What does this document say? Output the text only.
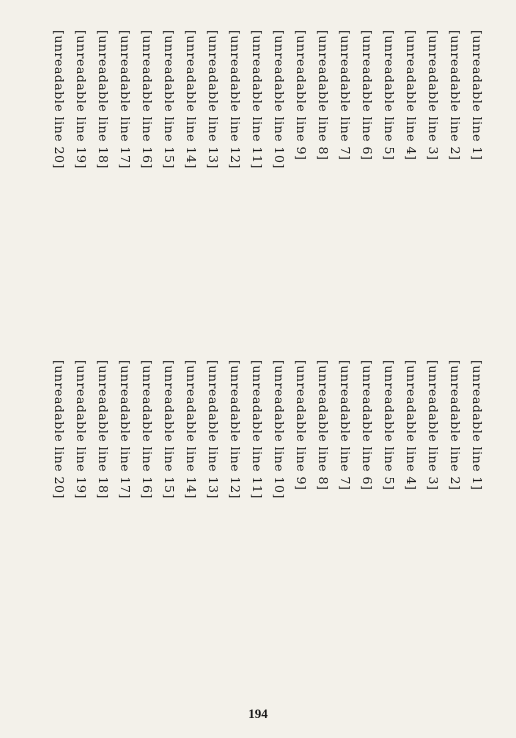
[unreadable line 1]
[unreadable line 2]
[unreadable line 3]
[unreadable line 4]
[unreadable line 5]
[unreadable line 6]
[unreadable line 7]
[unreadable line 8]
[unreadable line 9]
[unreadable line 10]
[unreadable line 11]
[unreadable line 12]
[unreadable line 13]
[unreadable line 14]
[unreadable line 15]
[unreadable line 16]
[unreadable line 17]
[unreadable line 18]
[unreadable line 19]
[unreadable line 20]
[unreadable line 1]
[unreadable line 2]
[unreadable line 3]
[unreadable line 4]
[unreadable line 5]
[unreadable line 6]
[unreadable line 7]
[unreadable line 8]
[unreadable line 9]
[unreadable line 10]
[unreadable line 11]
[unreadable line 12]
[unreadable line 13]
[unreadable line 14]
[unreadable line 15]
[unreadable line 16]
[unreadable line 17]
[unreadable line 18]
[unreadable line 19]
[unreadable line 20]
194
